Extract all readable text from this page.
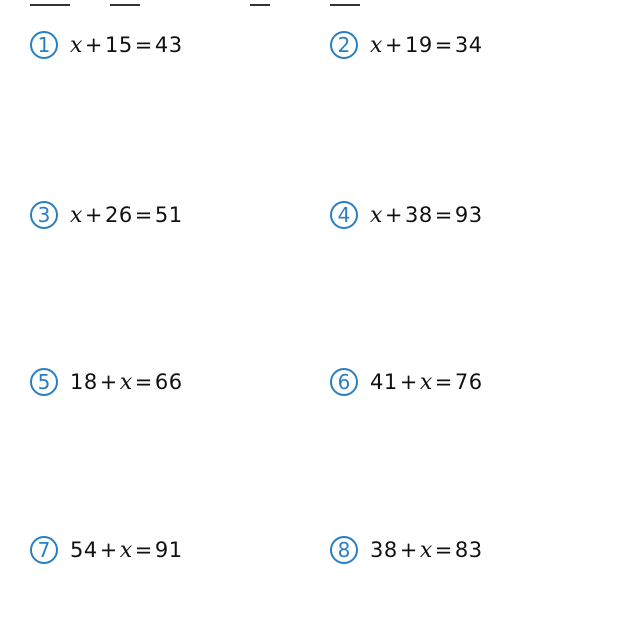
1 x+15=43	2 x+19=34
3 x+26=51	4 x+38=93
5 18+x=66	6 41+x=76
7 54+x=91	8 38+x=83
